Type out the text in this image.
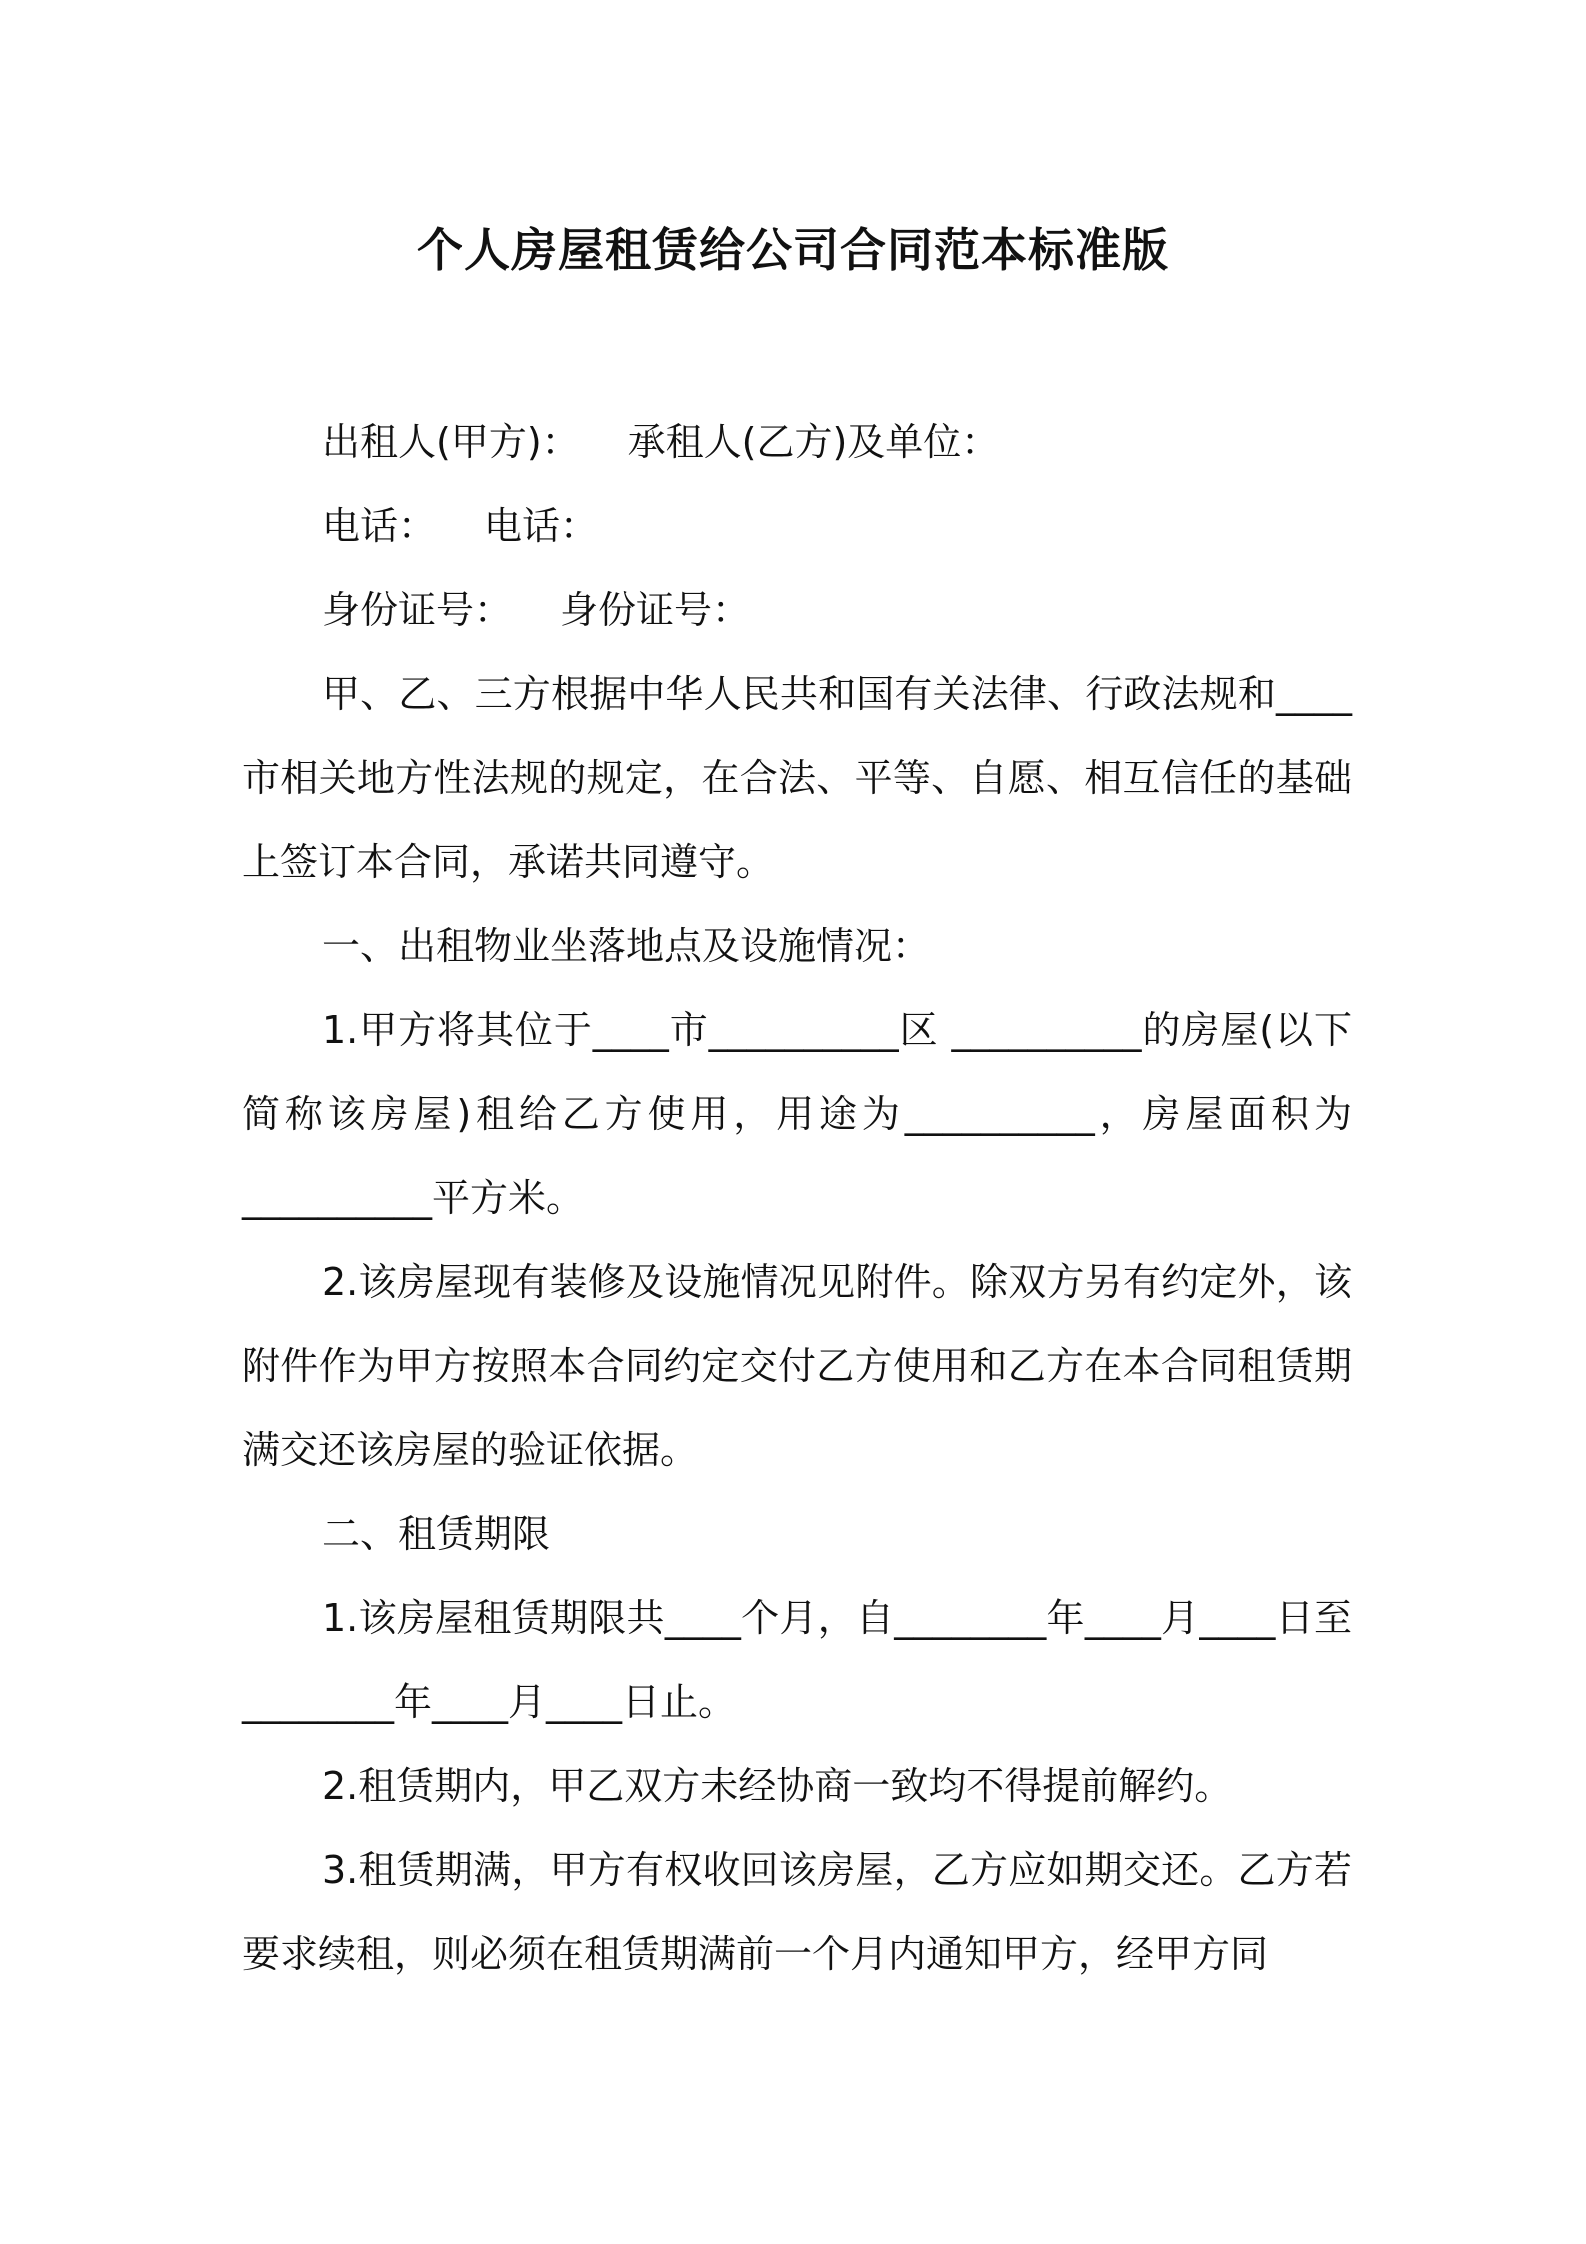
个人房屋租赁给公司合同范本标准版
出租人(甲方)： 承租人(乙方)及单位：
电话： 电话：
身份证号： 身份证号：
甲、乙、三方根据中华人民共和国有关法律、行政法规和____市相关地方性法规的规定，在合法、平等、自愿、相互信任的基础上签订本合同，承诺共同遵守。
一、出租物业坐落地点及设施情况：
1.甲方将其位于____市__________区 __________的房屋(以下简称该房屋)租给乙方使用，用途为__________，房屋面积为__________平方米。
2.该房屋现有装修及设施情况见附件。除双方另有约定外，该附件作为甲方按照本合同约定交付乙方使用和乙方在本合同租赁期满交还该房屋的验证依据。
二、租赁期限
1.该房屋租赁期限共____个月，自________年____月____日至________年____月____日止。
2.租赁期内，甲乙双方未经协商一致均不得提前解约。
3.租赁期满，甲方有权收回该房屋，乙方应如期交还。乙方若要求续租，则必须在租赁期满前一个月内通知甲方，经甲方同
